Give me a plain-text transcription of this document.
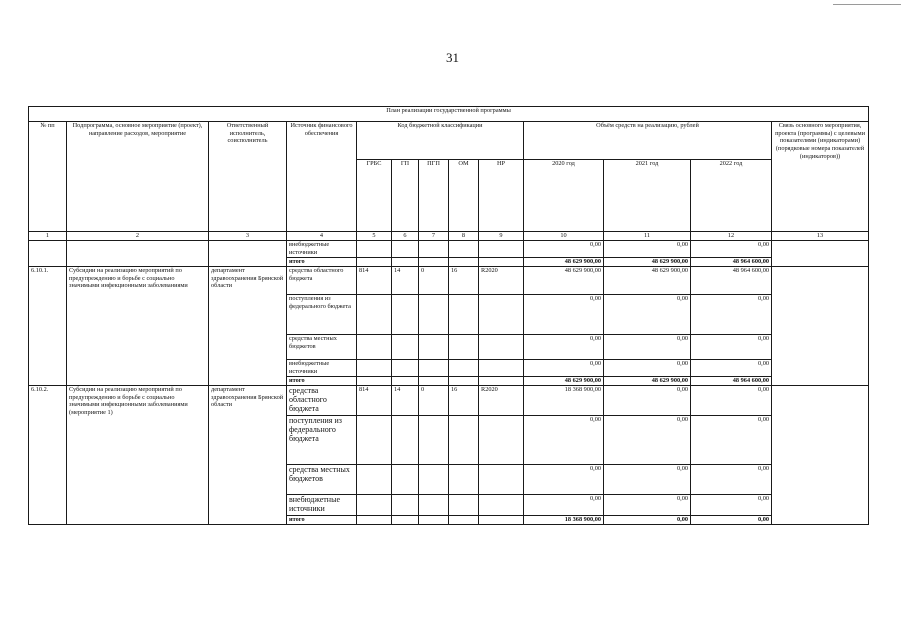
31
План реализации государственной программы												
№ пп	Подпрограмма, основное мероприятие (проект), направление расходов, мероприятие	Ответственный исполнитель, соисполнитель	Источник финансового обеспечения	Код бюджетной классификации					Объём средств на реализацию, рублей			Связь основного мероприятия, проекта (программы) с целевыми показателями (индикаторами) (порядковые номера показателей (индикаторов))
				ГРБС	ГП	ПГП	ОМ	НР	2020 год	2021 год	2022 год	
1	2	3	4	5	6	7	8	9	10	11	12	13
			внебюджетные источники						0,00	0,00	0,00	
			итого						48 629 900,00	48 629 900,00	48 964 600,00	
6.10.1.	Субсидии на реализацию мероприятий по предупреждению и борьбе с социально значимыми инфекционными заболеваниями	департамент здравоохранения Брянской области	средства областного бюджета	814	14	0	16	R2020	48 629 900,00	48 629 900,00	48 964 600,00	
			поступления из федерального бюджета						0,00	0,00	0,00	
			средства местных бюджетов						0,00	0,00	0,00	
			внебюджетные источники						0,00	0,00	0,00	
			итого						48 629 900,00	48 629 900,00	48 964 600,00	
6.10.2.	Субсидии на реализацию мероприятий по предупреждению и борьбе с социально значимыми инфекционными заболеваниями (мероприятие 1)	департамент здравоохранения Брянской области	средства областного бюджета	814	14	0	16	R2020	18 368 900,00	0,00	0,00	
			поступления из федерального бюджета						0,00	0,00	0,00	
			средства местных бюджетов						0,00	0,00	0,00	
			внебюджетные источники						0,00	0,00	0,00	
			итого						18 368 900,00	0,00	0,00	
